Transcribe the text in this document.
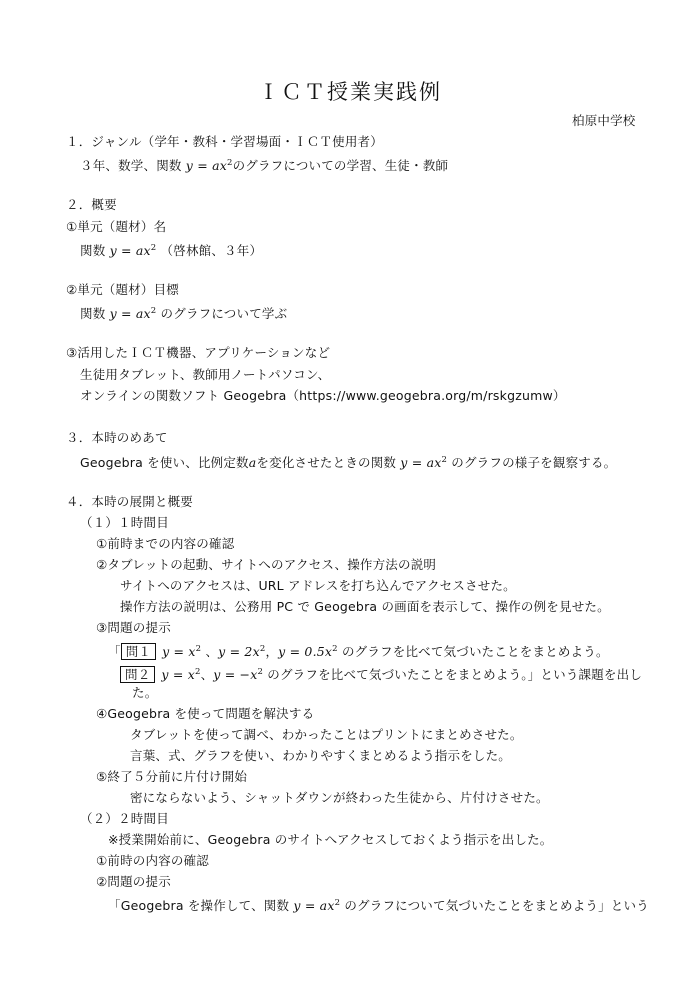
ＩＣＴ授業実践例
柏原中学校
１．ジャンル（学年・教科・学習場面・ＩＣＴ使用者）
３年、数学、関数 $y = ax^2$のグラフについての学習、生徒・教師
２．概要
①単元（題材）名
関数 $y = ax^2$ （啓林館、３年）
②単元（題材）目標
関数 $y = ax^2$ のグラフについて学ぶ
③活用したＩＣＴ機器、アプリケーションなど
生徒用タブレット、教師用ノートパソコン、
オンラインの関数ソフト Geogebra（https://www.geogebra.org/m/rskgzumw）
３．本時のめあて
Geogebra を使い、比例定数aを変化させたときの関数 $y = ax^2$ のグラフの様子を観察する。
４．本時の展開と概要
（１）１時間目
①前時までの内容の確認
②タブレットの起動、サイトへのアクセス、操作方法の説明
サイトへのアクセスは、URL アドレスを打ち込んでアクセスさせた。
操作方法の説明は、公務用 PC で Geogebra の画面を表示して、操作の例を見せた。
③問題の提示
「 問１ $y = x^2$ 、$y = 2x^2$，$y = 0.5x^2$ のグラフを比べて気づいたことをまとめよう。
問２ $y = x^2$、$y = -x^2$ のグラフを比べて気づいたことをまとめよう。」という課題を出し
た。
④Geogebra を使って問題を解決する
タブレットを使って調べ、わかったことはプリントにまとめさせた。
言葉、式、グラフを使い、わかりやすくまとめるよう指示をした。
⑤終了５分前に片付け開始
密にならないよう、シャットダウンが終わった生徒から、片付けさせた。
（２）２時間目
※授業開始前に、Geogebra のサイトへアクセスしておくよう指示を出した。
①前時の内容の確認
②問題の提示
「Geogebra を操作して、関数 $y = ax^2$ のグラフについて気づいたことをまとめよう」という
